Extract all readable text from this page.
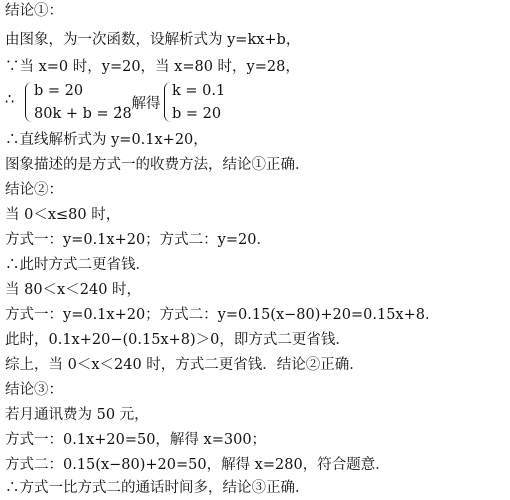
结论①：
由图象，为一次函数，设解析式为 y=kx+b，
∵当 x=0 时，y=20，当 x=80 时，y=28，
∴
b = 20
80k + b = 28
，解得
k = 0.1
b = 20
∴直线解析式为 y=0.1x+20，
图象描述的是方式一的收费方法，结论①正确．
结论②：
当 0＜x≤80 时，
方式一：y=0.1x+20；方式二：y=20．
∴此时方式二更省钱．
当 80＜x＜240 时，
方式一：y=0.1x+20；方式二：y=0.15(x−80)+20=0.15x+8．
此时，0.1x+20−(0.15x+8)＞0，即方式二更省钱．
综上，当 0＜x＜240 时，方式二更省钱．结论②正确．
结论③：
若月通讯费为 50 元，
方式一：0.1x+20=50，解得 x=300；
方式二：0.15(x−80)+20=50，解得 x=280，符合题意．
∴方式一比方式二的通话时间多，结论③正确．
